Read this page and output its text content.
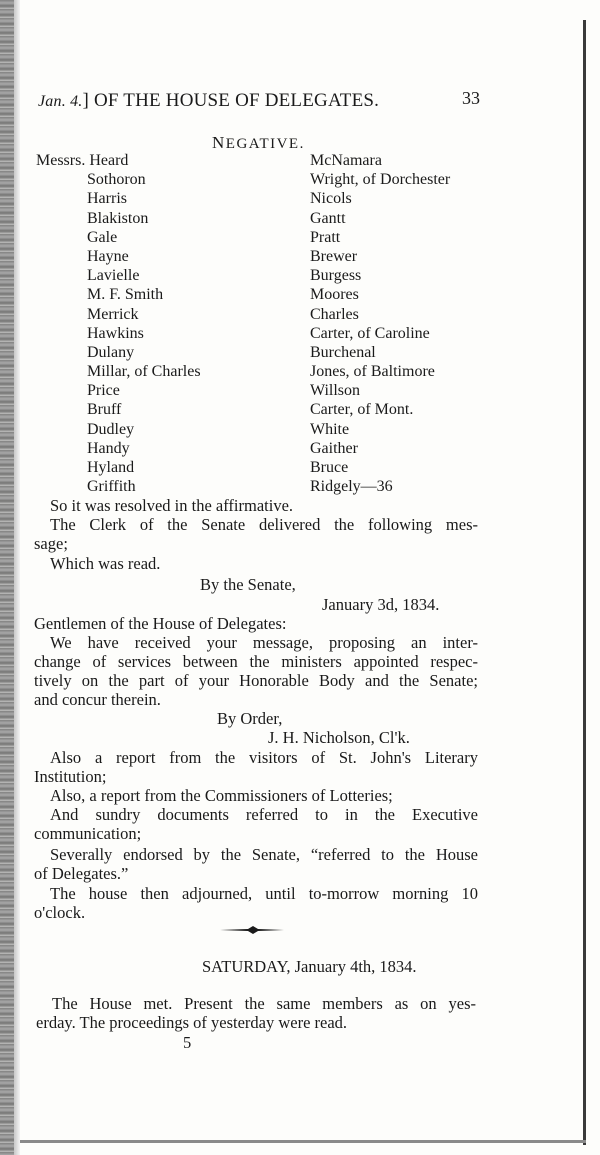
Jan. 4.] OF THE HOUSE OF DELEGATES.	33
NEGATIVE.
Messrs. Heard
Sothoron
Harris
Blakiston
Gale
Hayne
Lavielle
M. F. Smith
Merrick
Hawkins
Dulany
Millar, of Charles
Price
Bruff
Dudley
Handy
Hyland
Griffith
McNamara
Wright, of Dorchester
Nicols
Gantt
Pratt
Brewer
Burgess
Moores
Charles
Carter, of Caroline
Burchenal
Jones, of Baltimore
Willson
Carter, of Mont.
White
Gaither
Bruce
Ridgely—36
So it was resolved in the affirmative.
The Clerk of the Senate delivered the following mes-
sage;
Which was read.
By the Senate,
January 3d, 1834.
Gentlemen of the House of Delegates:
We have received your message, proposing an inter-
change of services between the ministers appointed respec-
tively on the part of your Honorable Body and the Senate;
and concur therein.
By Order,
J. H. Nicholson, Cl'k.
Also a report from the visitors of St. John's Literary
Institution;
Also, a report from the Commissioners of Lotteries;
And sundry documents referred to in the Executive
communication;
Severally endorsed by the Senate, “referred to the House
of Delegates.”
The house then adjourned, until to-morrow morning 10
o'clock.
SATURDAY, January 4th, 1834.
The House met. Present the same members as on yes-
erday. The proceedings of yesterday were read.
5
